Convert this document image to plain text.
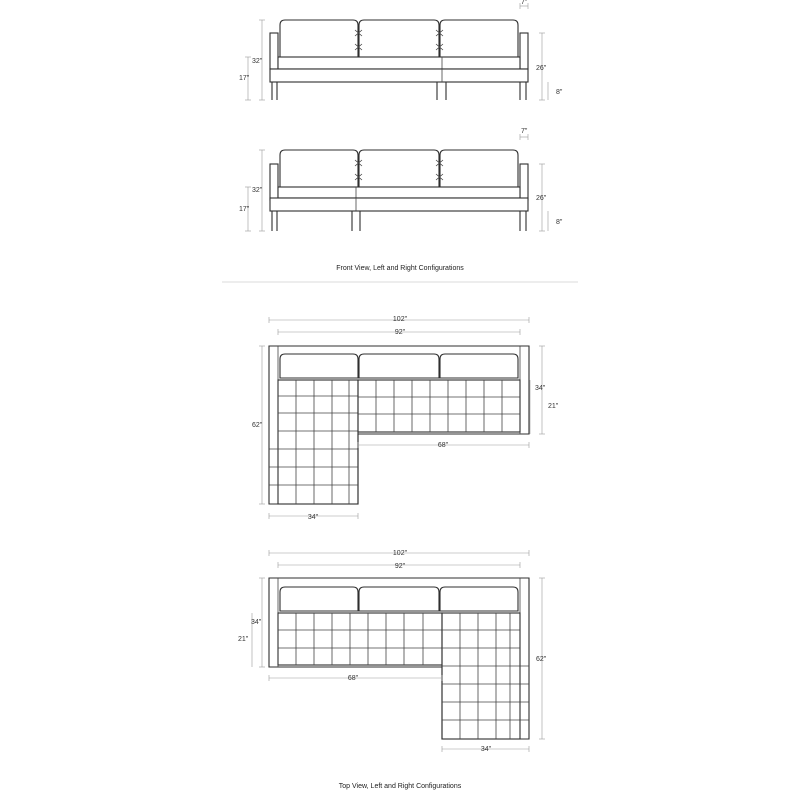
32"
17"
7"
26"
8"
32"
17"
7"
26"
8"
Front View, Left and Right Configurations
102"
92"
62"
34"
21"
68"
34"
102"
92"
62"
34"
21"
68"
34"
Top View, Left and Right Configurations
